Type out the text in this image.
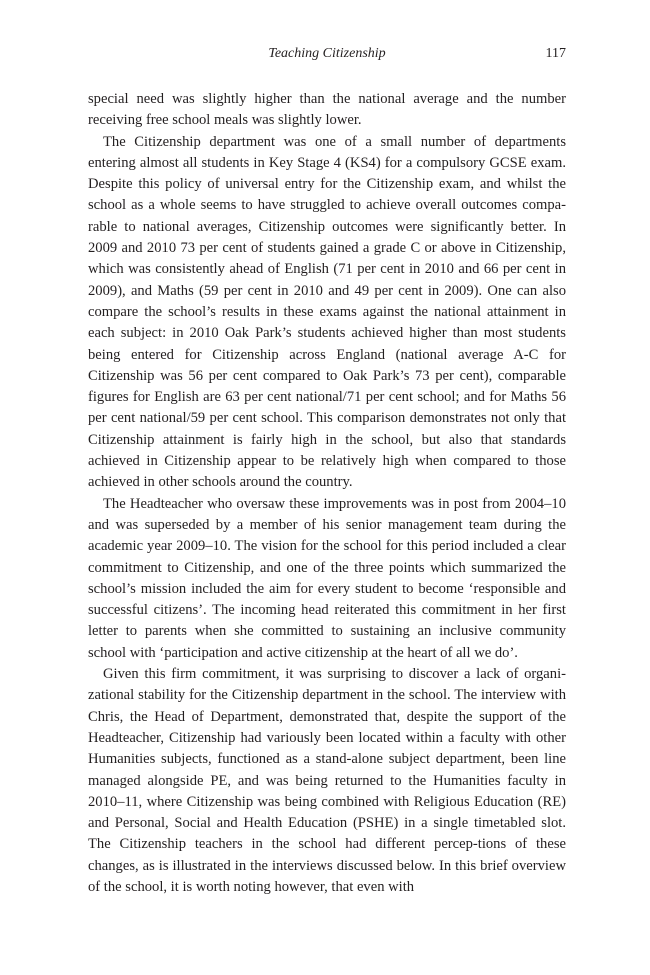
Teaching Citizenship	117

special need was slightly higher than the national average and the number receiving free school meals was slightly lower.

The Citizenship department was one of a small number of departments entering almost all students in Key Stage 4 (KS4) for a compulsory GCSE exam. Despite this policy of universal entry for the Citizenship exam, and whilst the school as a whole seems to have struggled to achieve overall outcomes compa-rable to national averages, Citizenship outcomes were significantly better. In 2009 and 2010 73 per cent of students gained a grade C or above in Citizenship, which was consistently ahead of English (71 per cent in 2010 and 66 per cent in 2009), and Maths (59 per cent in 2010 and 49 per cent in 2009). One can also compare the school’s results in these exams against the national attainment in each subject: in 2010 Oak Park’s students achieved higher than most students being entered for Citizenship across England (national average A-C for Citizenship was 56 per cent compared to Oak Park’s 73 per cent), comparable figures for English are 63 per cent national/71 per cent school; and for Maths 56 per cent national/59 per cent school. This comparison demonstrates not only that Citizenship attainment is fairly high in the school, but also that standards achieved in Citizenship appear to be relatively high when compared to those achieved in other schools around the country.

The Headteacher who oversaw these improvements was in post from 2004–10 and was superseded by a member of his senior management team during the academic year 2009–10. The vision for the school for this period included a clear commitment to Citizenship, and one of the three points which summarized the school’s mission included the aim for every student to become ‘responsible and successful citizens’. The incoming head reiterated this commitment in her first letter to parents when she committed to sustaining an inclusive community school with ‘participation and active citizenship at the heart of all we do’.

Given this firm commitment, it was surprising to discover a lack of organi-zational stability for the Citizenship department in the school. The interview with Chris, the Head of Department, demonstrated that, despite the support of the Headteacher, Citizenship had variously been located within a faculty with other Humanities subjects, functioned as a stand-alone subject department, been line managed alongside PE, and was being returned to the Humanities faculty in 2010–11, where Citizenship was being combined with Religious Education (RE) and Personal, Social and Health Education (PSHE) in a single timetabled slot. The Citizenship teachers in the school had different percep-tions of these changes, as is illustrated in the interviews discussed below. In this brief overview of the school, it is worth noting however, that even with
